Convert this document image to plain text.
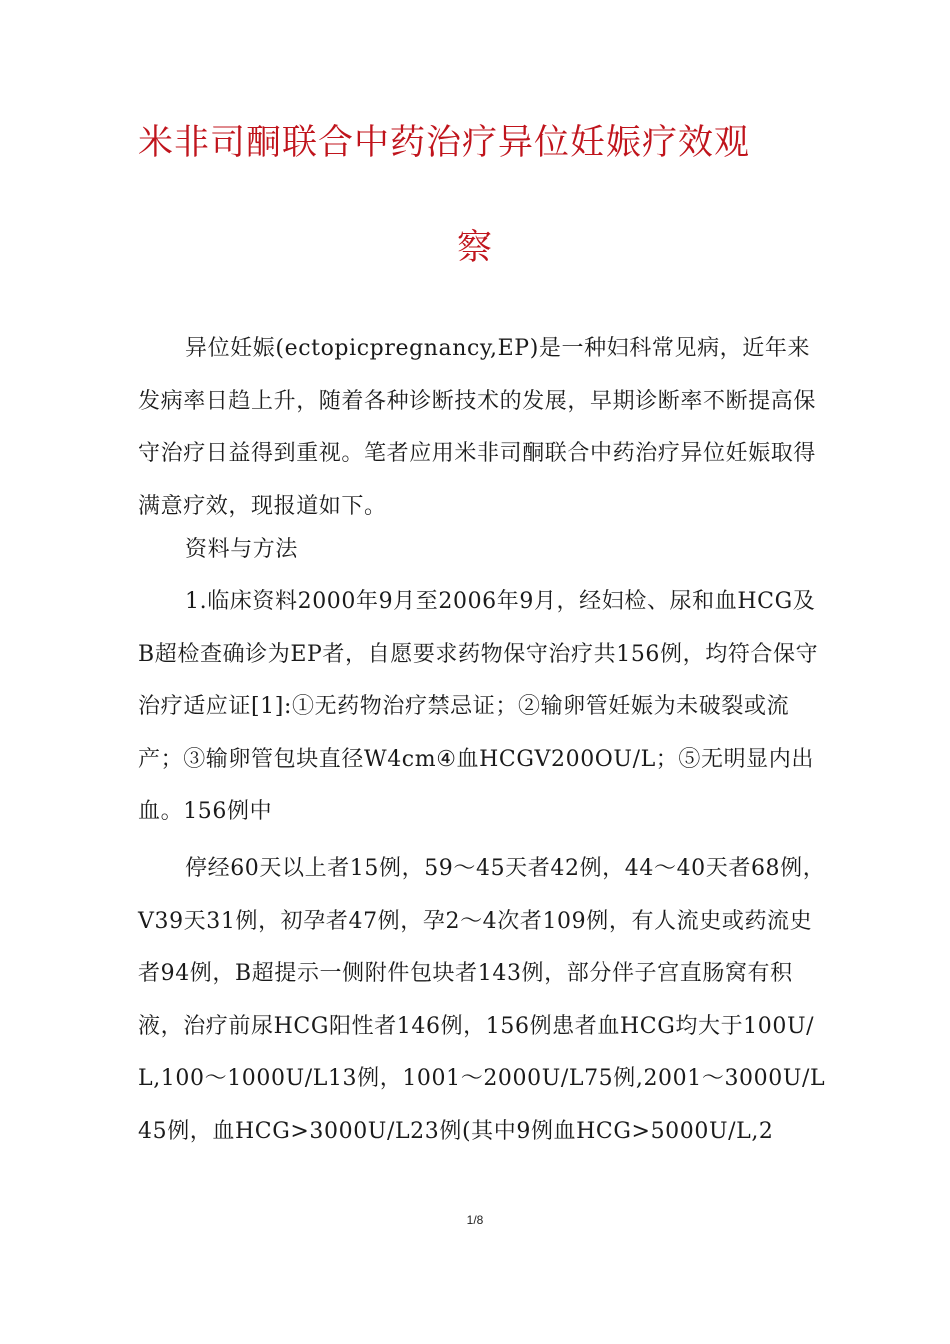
米非司酮联合中药治疗异位妊娠疗效观
察

异位妊娠(ectopicpregnancy,EP)是一种妇科常见病，近年来发病率日趋上升，随着各种诊断技术的发展，早期诊断率不断提高保守治疗日益得到重视。笔者应用米非司酮联合中药治疗异位妊娠取得满意疗效，现报道如下。

资料与方法

1.临床资料2000年9月至2006年9月，经妇检、尿和血HCG及B超检查确诊为EP者，自愿要求药物保守治疗共156例，均符合保守治疗适应证[1]:①无药物治疗禁忌证；②输卵管妊娠为未破裂或流产；③输卵管包块直径W4cm④血HCGV200OU/L；⑤无明显内出血。156例中

停经60天以上者15例，59〜45天者42例，44〜40天者68例，V39天31例，初孕者47例，孕2〜4次者109例，有人流史或药流史者94例，B超提示一侧附件包块者143例，部分伴子宫直肠窝有积液，治疗前尿HCG阳性者146例，156例患者血HCG均大于100U/L,100〜1000U/L13例，1001〜2000U/L75例,2001〜3000U/L45例，血HCG>3000U/L23例(其中9例血HCG>5000U/L,2

1/8
